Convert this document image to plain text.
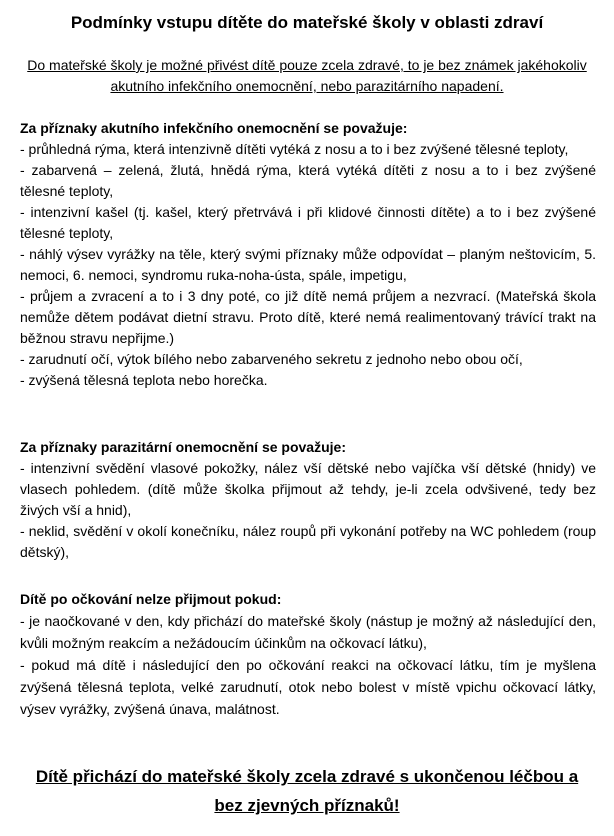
Podmínky vstupu dítěte do mateřské školy v oblasti zdraví

Do mateřské školy je možné přivést dítě pouze zcela zdravé, to je bez známek jakéhokoliv akutního infekčního onemocnění, nebo parazitárního napadení.

Za příznaky akutního infekčního onemocnění se považuje:

- průhledná rýma, která intenzivně dítěti vytéká z nosu a to i bez zvýšené tělesné teploty,

- zabarvená – zelená, žlutá, hnědá rýma, která vytéká dítěti z nosu a to i bez zvýšené tělesné teploty,

- intenzivní kašel (tj. kašel, který přetrvává i při klidové činnosti dítěte) a to i bez zvýšené tělesné teploty,

- náhlý výsev vyrážky na těle, který svými příznaky může odpovídat – planým neštovicím, 5. nemoci, 6. nemoci, syndromu ruka-noha-ústa, spále, impetigu,

- průjem a zvracení a to i 3 dny poté, co již dítě nemá průjem a nezvrací. (Mateřská škola nemůže dětem podávat dietní stravu. Proto dítě, které nemá realimentovaný trávící trakt na běžnou stravu nepřijme.)

- zarudnutí očí, výtok bílého nebo zabarveného sekretu z jednoho nebo obou očí,

- zvýšená tělesná teplota nebo horečka.

Za příznaky parazitární onemocnění se považuje:

- intenzivní svědění vlasové pokožky, nález vší dětské nebo vajíčka vší dětské (hnidy) ve vlasech pohledem. (dítě může školka přijmout až tehdy, je-li zcela odvšivené, tedy bez živých vší a hnid),

- neklid, svědění v okolí konečníku, nález roupů při vykonání potřeby na WC pohledem (roup dětský),

Dítě po očkování nelze přijmout pokud:

- je naočkované v den, kdy přichází do mateřské školy (nástup je možný až následující den, kvůli možným reakcím a nežádoucím účinkům na očkovací látku),

- pokud má dítě i následující den po očkování reakci na očkovací látku, tím je myšlena zvýšená tělesná teplota, velké zarudnutí, otok nebo bolest v místě vpichu očkovací látky, výsev vyrážky, zvýšená únava, malátnost.

Dítě přichází do mateřské školy zcela zdravé s ukončenou léčbou a bez zjevných příznaků!
